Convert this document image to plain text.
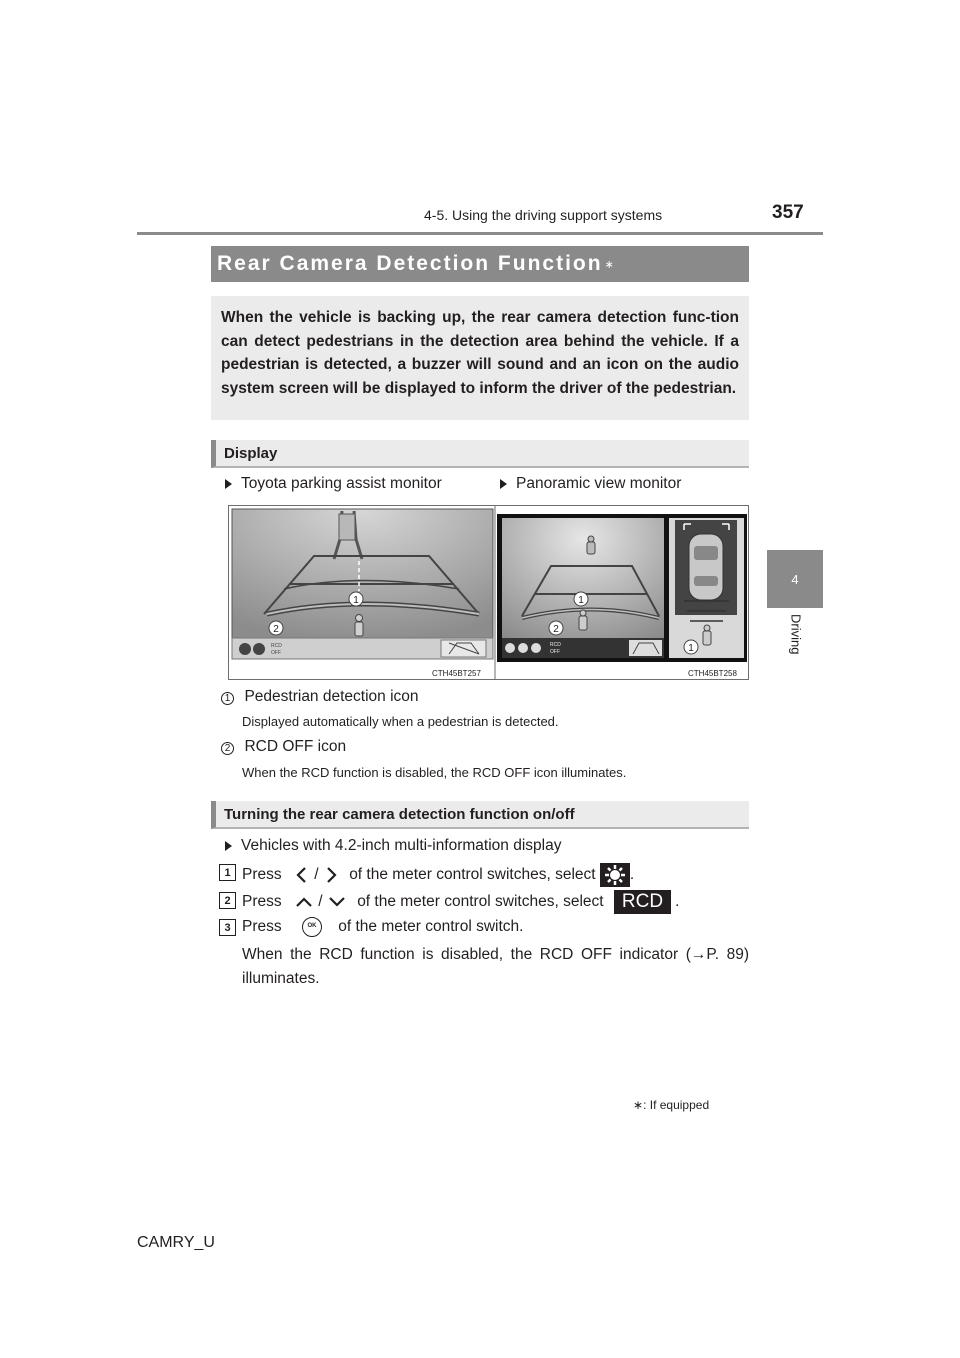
4-5. Using the driving support systems	357
4
Driving
Rear Camera Detection Function ∗
When the vehicle is backing up, the rear camera detection func-tion can detect pedestrians in the detection area behind the vehicle. If a pedestrian is detected, a buzzer will sound and an icon on the audio system screen will be displayed to inform the driver of the pedestrian.
Display
Toyota parking assist monitor	Panoramic view monitor
RCD
OFF
1
2
CTH45BT257
RCD
OFF
1
2
1
CTH45BT258
1 Pedestrian detection icon
Displayed automatically when a pedestrian is detected.
2 RCD OFF icon
When the RCD function is disabled, the RCD OFF icon illuminates.
Turning the rear camera detection function on/off
Vehicles with 4.2-inch multi-information display
1 Press / of the meter control switches, select .
2 Press / of the meter control switches, select RCD .
3 Press	OK of the meter control switch.
When the RCD function is disabled, the RCD OFF indicator (→P. 89) illuminates.
∗: If equipped
CAMRY_U
